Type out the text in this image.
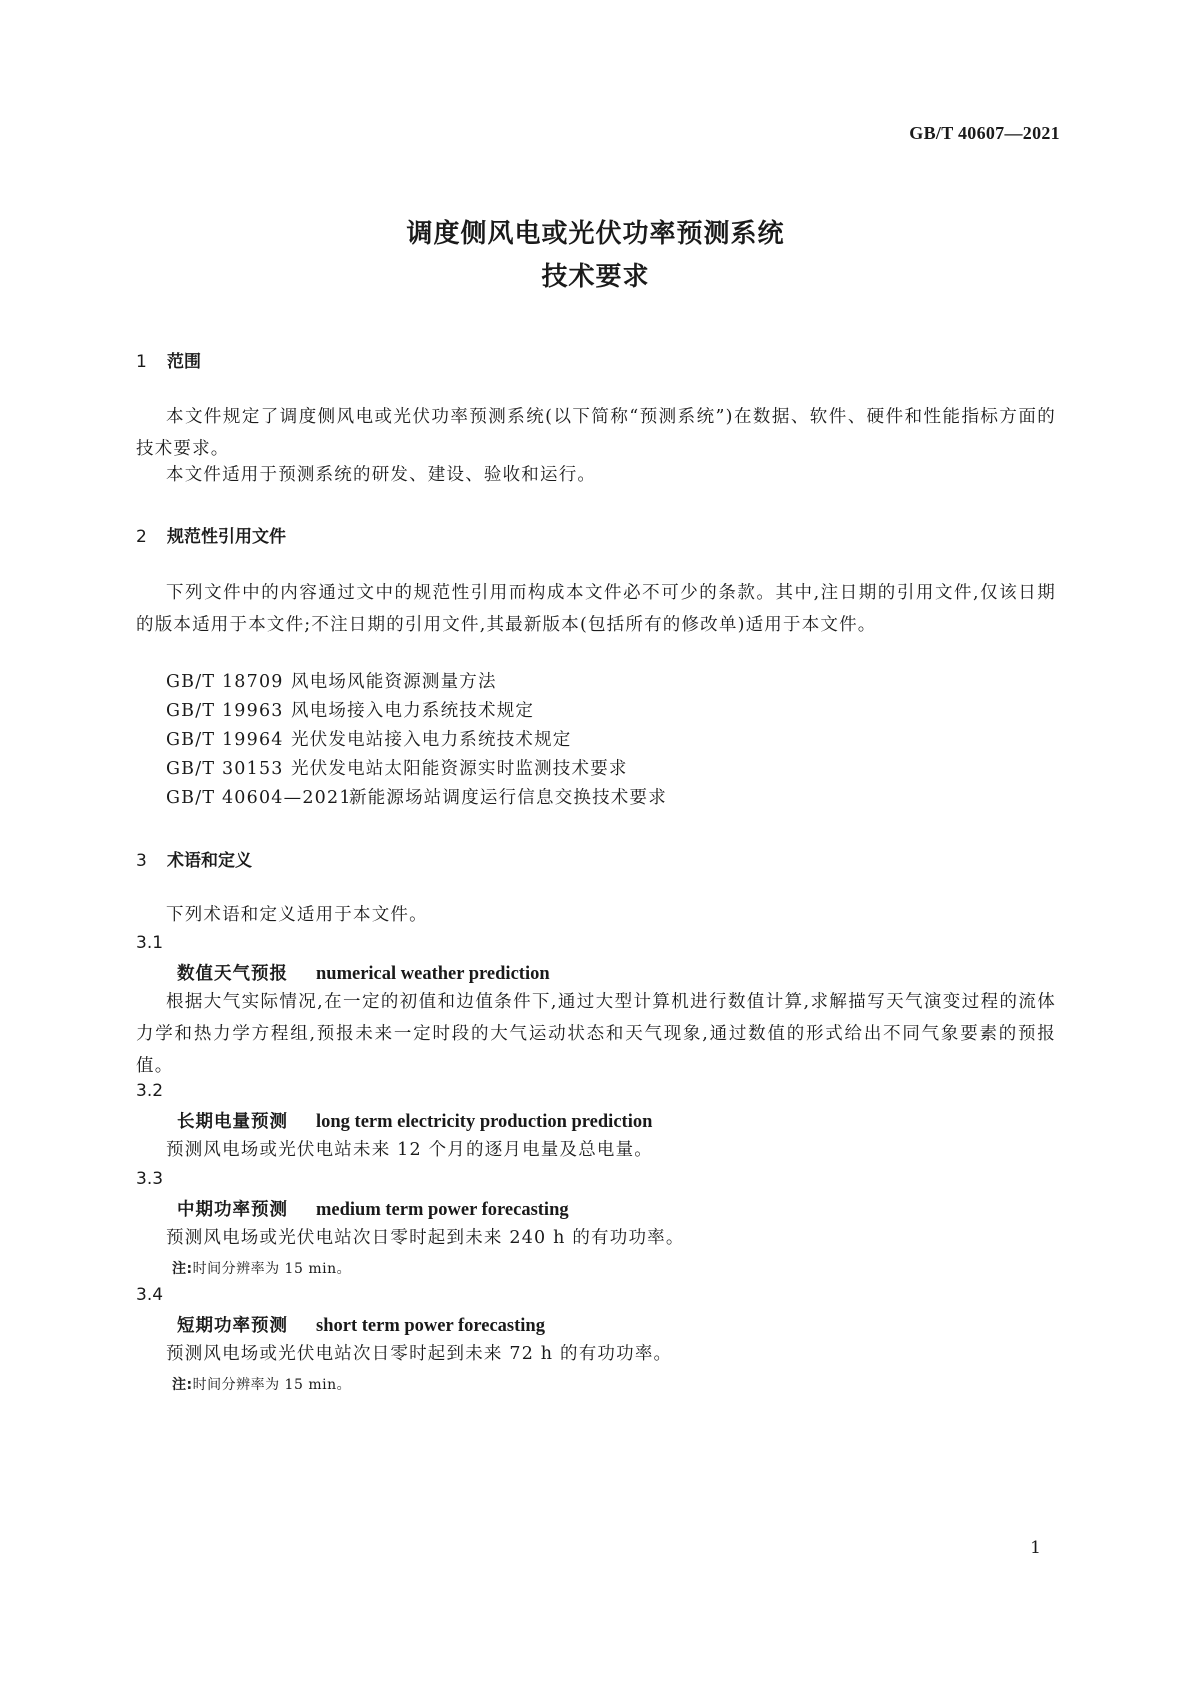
GB/T 40607—2021
调度侧风电或光伏功率预测系统
技术要求
1 范围
本文件规定了调度侧风电或光伏功率预测系统(以下简称“预测系统”)在数据、软件、硬件和性能指标方面的技术要求。
本文件适用于预测系统的研发、建设、验收和运行。
2 规范性引用文件
下列文件中的内容通过文中的规范性引用而构成本文件必不可少的条款。其中,注日期的引用文件,仅该日期的版本适用于本文件;不注日期的引用文件,其最新版本(包括所有的修改单)适用于本文件。
GB/T 18709 风电场风能资源测量方法
GB/T 19963 风电场接入电力系统技术规定
GB/T 19964 光伏发电站接入电力系统技术规定
GB/T 30153 光伏发电站太阳能资源实时监测技术要求
GB/T 40604—2021新能源场站调度运行信息交换技术要求
3 术语和定义
下列术语和定义适用于本文件。
3.1
数值天气预报 numerical weather prediction
根据大气实际情况,在一定的初值和边值条件下,通过大型计算机进行数值计算,求解描写天气演变过程的流体力学和热力学方程组,预报未来一定时段的大气运动状态和天气现象,通过数值的形式给出不同气象要素的预报值。
3.2
长期电量预测 long term electricity production prediction
预测风电场或光伏电站未来 12 个月的逐月电量及总电量。
3.3
中期功率预测 medium term power forecasting
预测风电场或光伏电站次日零时起到未来 240 h 的有功功率。
注:时间分辨率为 15 min。
3.4
短期功率预测 short term power forecasting
预测风电场或光伏电站次日零时起到未来 72 h 的有功功率。
注:时间分辨率为 15 min。
1
